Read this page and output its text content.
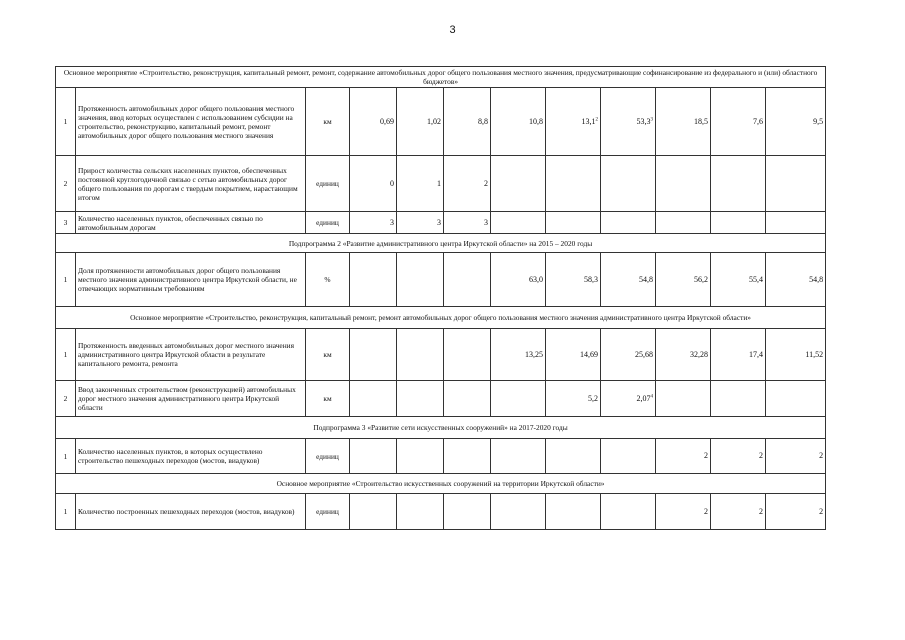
3
Основное мероприятие «Строительство, реконструкция, капитальный ремонт, ремонт, содержание автомобильных дорог общего пользования местного значения, предусматривающие софинансирование из федерального и (или) областного бюджетов»											
1	Протяженность автомобильных дорог общего пользования местного значения, ввод которых осуществлен с использованием субсидии на строительство, реконструкцию, капитальный ремонт, ремонт автомобильных дорог общего пользования местного значения	км	0,69	1,02	8,8	10,8	13,1$^2$	53,3$^3$	18,5	7,6	9,5
2	Прирост количества сельских населенных пунктов, обеспеченных постоянной круглогодичной связью с сетью автомобильных дорог общего пользования по дорогам с твердым покрытием, нарастающим итогом	единиц	0	1	2						
3	Количество населенных пунктов, обеспеченных связью по автомобильным дорогам	единиц	3	3	3						
Подпрограмма 2 «Развитие административного центра Иркутской области» на 2015 – 2020 годы											
1	Доля протяженности автомобильных дорог общего пользования местного значения административного центра Иркутской области, не отвечающих нормативным требованиям	%				63,0	58,3	54,8	56,2	55,4	54,8
Основное мероприятие «Строительство, реконструкция, капитальный ремонт, ремонт автомобильных дорог общего пользования местного значения административного центра Иркутской области»											
1	Протяженность введенных автомобильных дорог местного значения административного центра Иркутской области в результате капитального ремонта, ремонта	км				13,25	14,69	25,68	32,28	17,4	11,52
2	Ввод законченных строительством (реконструкцией) автомобильных дорог местного значения административного центра Иркутской области	км					5,2	2,07$^4$			
Подпрограмма 3 «Развитие сети искусственных сооружений» на 2017-2020 годы											
1	Количество населенных пунктов, в которых осуществлено строительство пешеходных переходов (мостов, виадуков)	единиц							2	2	2
Основное мероприятие «Строительство искусственных сооружений на территории Иркутской области»											
1	Количество построенных пешеходных переходов (мостов, виадуков)	единиц							2	2	2
